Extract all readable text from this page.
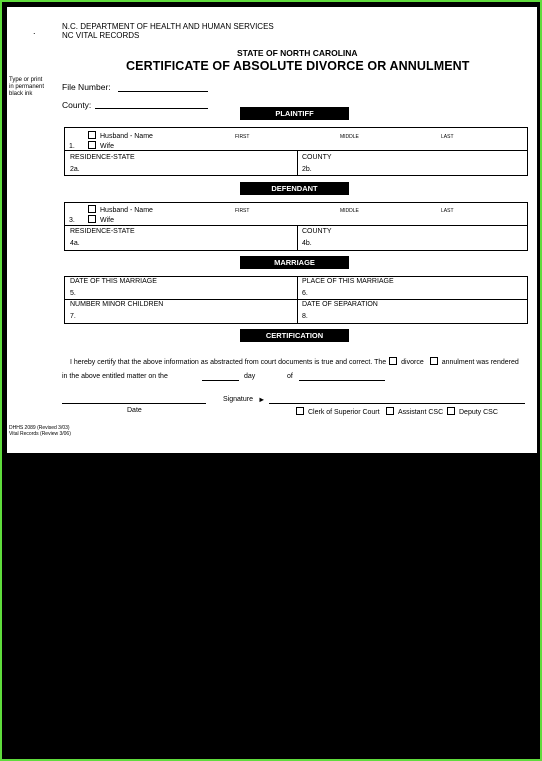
.	N.C. DEPARTMENT OF HEALTH AND HUMAN SERVICES
NC VITAL RECORDS
STATE OF NORTH CAROLINA
CERTIFICATE OF ABSOLUTE DIVORCE OR ANNULMENT
Type or print
in permanent
black ink
File Number:
County:
PLAINTIFF
Husband - Name
Wife
1.
FIRST	MIDDLE	LAST
RESIDENCE-STATE
2a.
COUNTY
2b.
DEFENDANT
Husband - Name
Wife
3.
FIRST	MIDDLE	LAST
RESIDENCE-STATE
4a.
COUNTY
4b.
MARRIAGE
DATE OF THIS MARRIAGE
5.
PLACE OF THIS MARRIAGE
6.
NUMBER MINOR CHILDREN
7.
DATE OF SEPARATION
8.
CERTIFICATION
I hereby certify that the above information as abstracted from court documents is true and correct. The divorce	annulment was rendered
in the above entitled matter on the	day	of
Date
Signature ►
Clerk of Superior Court	Assistant CSC	Deputy CSC
DHHS 2089 (Revised 3/03)
Vital Records (Review 3/06)
